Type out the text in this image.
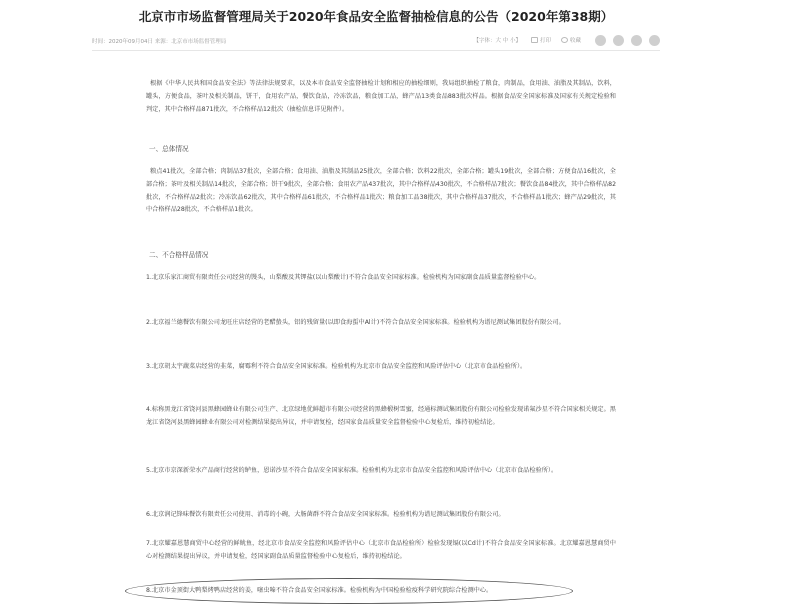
北京市市场监督管理局关于2020年食品安全监督抽检信息的公告（2020年第38期）
时间：2020年09月04日 来源：北京市市场监督管理局	【字体：大 中 小】	打印	收藏

根据《中华人民共和国食品安全法》等法律法规要求，以及本市食品安全监督抽检计划和相应的抽检细则，我局组织抽检了粮食，肉制品，食用油、油脂及其制品，饮料，罐头，方便食品，茶叶及相关制品，饼干，食用农产品，餐饮食品，冷冻饮品，粮食加工品，蜂产品13类食品883批次样品。根据食品安全国家标准及国家有关规定检验和判定，其中合格样品871批次，不合格样品12批次（抽检信息详见附件）。

一、总体情况

粮点41批次，全部合格；肉制品37批次，全部合格；食用油、油脂及其制品25批次，全部合格；饮料22批次，全部合格；罐头19批次，全部合格；方便食品16批次，全部合格；茶叶及相关制品14批次，全部合格；饼干9批次，全部合格；食用农产品437批次，其中合格样品430批次，不合格样品7批次；餐饮食品84批次，其中合格样品82批次，不合格样品2批次；冷冻饮品62批次，其中合格样品61批次，不合格样品1批次；粮食加工品38批次，其中合格样品37批次，不合格样品1批次；蜂产品29批次，其中合格样品28批次，不合格样品1批次。

二、不合格样品情况

1.北京乐家汇商贸有限责任公司经营的馒头，山梨酸及其钾盐(以山梨酸计)不符合食品安全国家标准。检验机构为国家副食品质量监督检验中心。

2.北京福兰德餐饮有限公司龙旺庄店经营的老醋蛰头，铝的残留量(以即食海蜇中Al计)不符合食品安全国家标准。检验机构为谱尼测试集团股份有限公司。

3.北京胡太宇蔬菜店经营的韭菜，腐霉利不符合食品安全国家标准。检验机构为北京市食品安全监控和风险评估中心（北京市食品检验所）。

4.标称黑龙江省饶河县黑蜂园蜂业有限公司生产、北京绿地优鲜超市有限公司经营的黑蜂椴树雪蜜，经通标测试集团股份有限公司检验发现诺氟沙星不符合国家相关规定。黑龙江省饶河县黑蜂园蜂业有限公司对检测结果提出异议，并申请复检，经国家食品质量安全监督检验中心复检后，维持初检结论。

5.北京市京深新荣水产品商行经营的鲈鱼，恩诺沙星不符合食品安全国家标准。检验机构为北京市食品安全监控和风险评估中心（北京市食品检验所）。

6.北京润记锋味餐饮有限责任公司使用、消毒的小碗，大肠菌群不符合食品安全国家标准。检验机构为谱尼测试集团股份有限公司。

7.北京耀嘉恩慧商贸中心经营的鲜鱿鱼，经北京市食品安全监控和风险评估中心（北京市食品检验所）检验发现镉(以Cd计)不符合食品安全国家标准。北京耀嘉恩慧商贸中心对检测结果提出异议，并申请复检，经国家副食品质量监督检验中心复检后，维持初检结论。

8.北京市金顶街大鸭梨烤鸭店经营的姜，噻虫嗪不符合食品安全国家标准。检验机构为中国检验检疫科学研究院综合检测中心。
